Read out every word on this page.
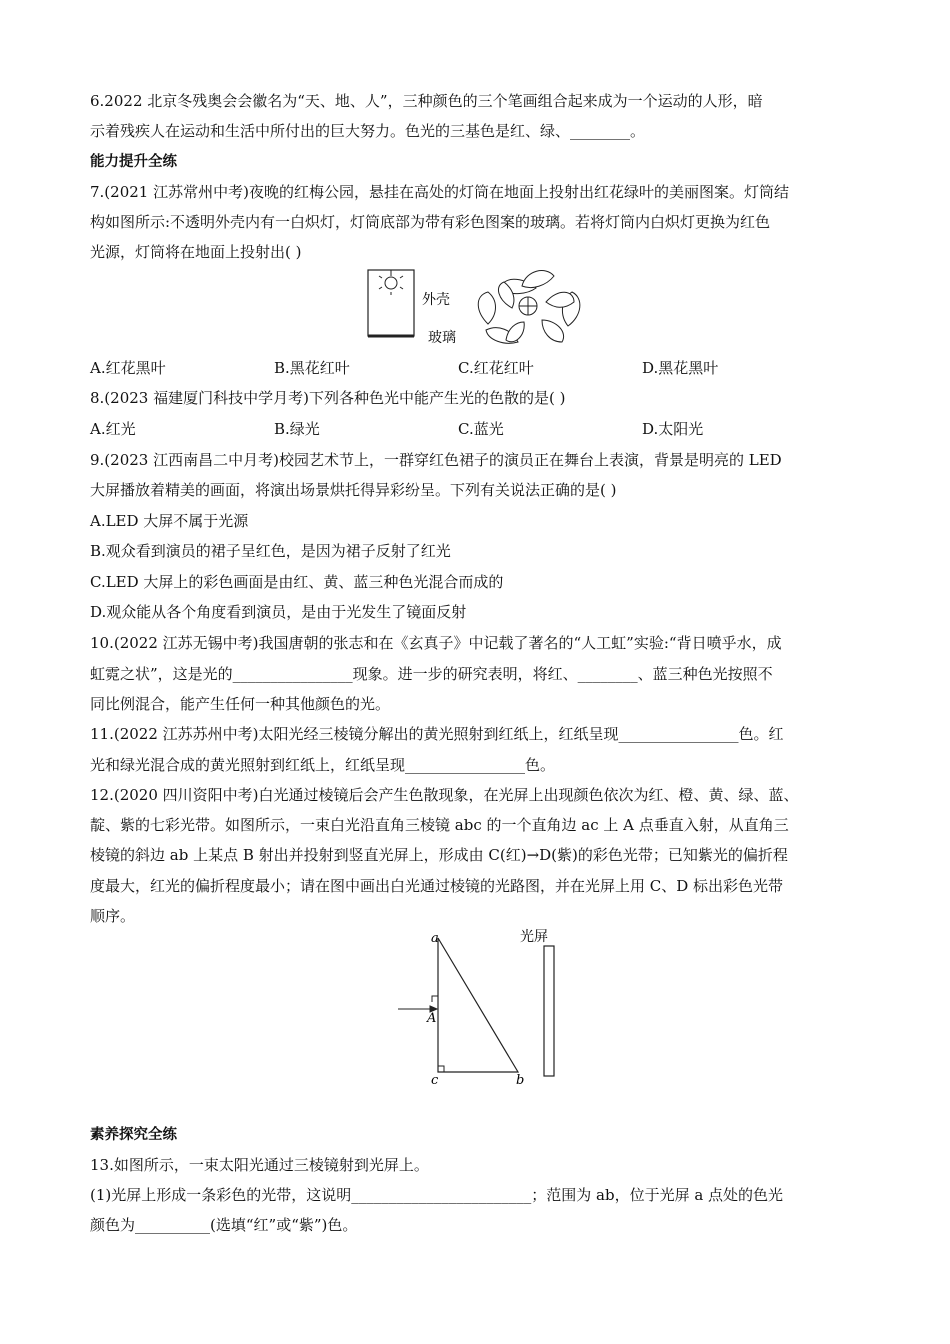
6.2022 北京冬残奥会会徽名为“天、地、人”，三种颜色的三个笔画组合起来成为一个运动的人形，暗
示着残疾人在运动和生活中所付出的巨大努力。色光的三基色是红、绿、________。
能力提升全练
7.(2021 江苏常州中考)夜晚的红梅公园，悬挂在高处的灯筒在地面上投射出红花绿叶的美丽图案。灯筒结
构如图所示:不透明外壳内有一白炽灯，灯筒底部为带有彩色图案的玻璃。若将灯筒内白炽灯更换为红色
光源，灯筒将在地面上投射出( )
外壳
玻璃
A.红花黑叶	B.黑花红叶	C.红花红叶	D.黑花黑叶
8.(2023 福建厦门科技中学月考)下列各种色光中能产生光的色散的是( )
A.红光	B.绿光	C.蓝光	D.太阳光
9.(2023 江西南昌二中月考)校园艺术节上，一群穿红色裙子的演员正在舞台上表演，背景是明亮的 LED
大屏播放着精美的画面，将演出场景烘托得异彩纷呈。下列有关说法正确的是( )
A.LED 大屏不属于光源
B.观众看到演员的裙子呈红色，是因为裙子反射了红光
C.LED 大屏上的彩色画面是由红、黄、蓝三种色光混合而成的
D.观众能从各个角度看到演员，是由于光发生了镜面反射
10.(2022 江苏无锡中考)我国唐朝的张志和在《玄真子》中记载了著名的“人工虹”实验:“背日喷乎水，成
虹霓之状”，这是光的________________现象。进一步的研究表明，将红、________、蓝三种色光按照不
同比例混合，能产生任何一种其他颜色的光。
11.(2022 江苏苏州中考)太阳光经三棱镜分解出的黄光照射到红纸上，红纸呈现________________色。红
光和绿光混合成的黄光照射到红纸上，红纸呈现________________色。
12.(2020 四川资阳中考)白光通过棱镜后会产生色散现象，在光屏上出现颜色依次为红、橙、黄、绿、蓝、
靛、紫的七彩光带。如图所示，一束白光沿直角三棱镜 abc 的一个直角边 ac 上 A 点垂直入射，从直角三
棱镜的斜边 ab 上某点 B 射出并投射到竖直光屏上，形成由 C(红)→D(紫)的彩色光带；已知紫光的偏折程
度最大，红光的偏折程度最小；请在图中画出白光通过棱镜的光路图，并在光屏上用 C、D 标出彩色光带
顺序。
a
A
c	b
光屏
素养探究全练
13.如图所示，一束太阳光通过三棱镜射到光屏上。
(1)光屏上形成一条彩色的光带，这说明________________________；范围为 ab，位于光屏 a 点处的色光
颜色为__________(选填“红”或“紫”)色。
